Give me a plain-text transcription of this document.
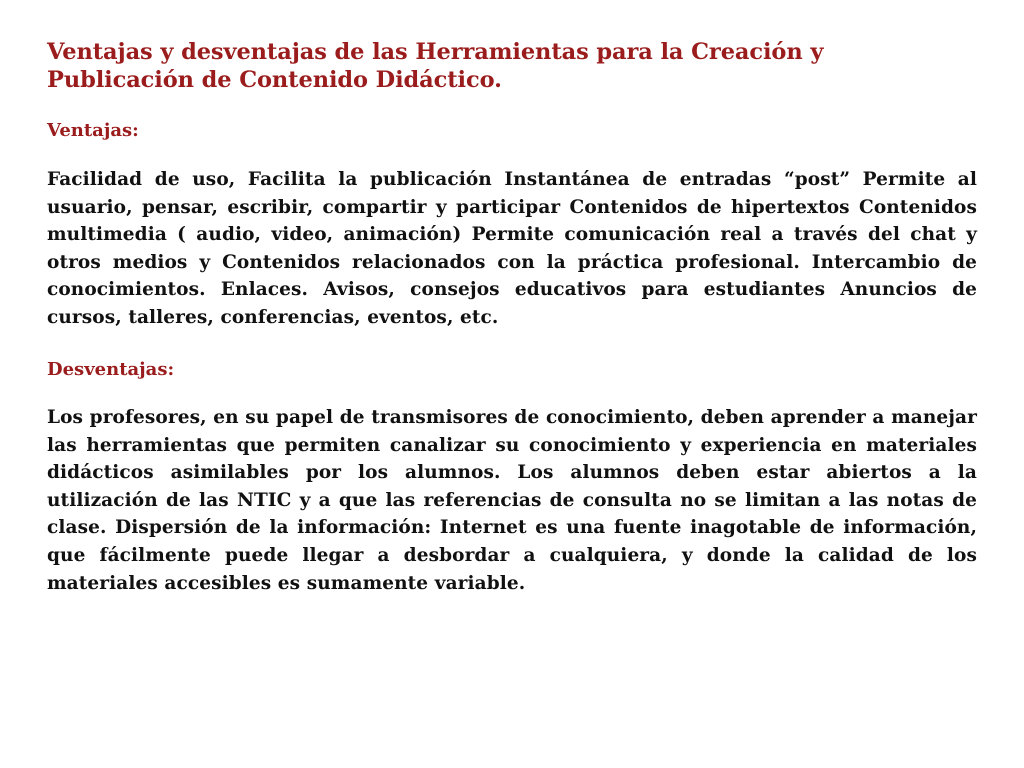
Ventajas y desventajas de las Herramientas para la Creación y Publicación de Contenido Didáctico.

Ventajas:

Facilidad de uso, Facilita la publicación Instantánea de entradas “post” Permite al usuario, pensar, escribir, compartir y participar Contenidos de hipertextos Contenidos multimedia ( audio, video, animación) Permite comunicación real a través del chat y otros medios y Contenidos relacionados con la práctica profesional. Intercambio de conocimientos. Enlaces. Avisos, consejos educativos para estudiantes Anuncios de cursos, talleres, conferencias, eventos, etc.

Desventajas:

Los profesores, en su papel de transmisores de conocimiento, deben aprender a manejar las herramientas que permiten canalizar su conocimiento y experiencia en materiales didácticos asimilables por los alumnos. Los alumnos deben estar abiertos a la utilización de las NTIC y a que las referencias de consulta no se limitan a las notas de clase. Dispersión de la información: Internet es una fuente inagotable de información, que fácilmente puede llegar a desbordar a cualquiera, y donde la calidad de los materiales accesibles es sumamente variable.
